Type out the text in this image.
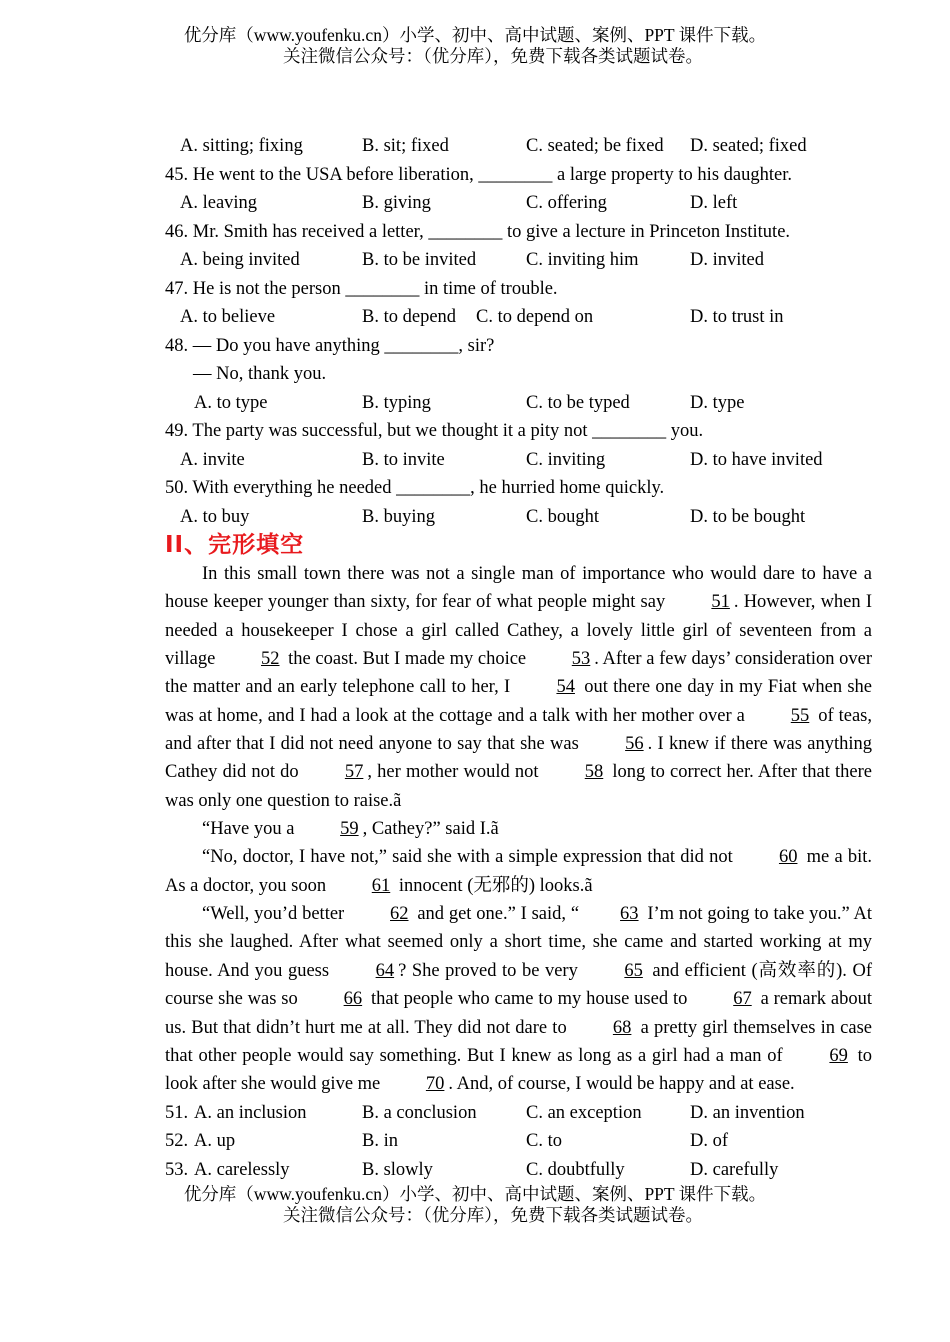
优分库（www.youfenku.cn）小学、初中、高中试题、案例、PPT 课件下载。

关注微信公众号：（优分库），免费下载各类试题试卷。
A. sitting; fixing	B. sit; fixed	C. seated; be fixed D. seated; fixed
45. He went to the USA before liberation, ________ a large property to his daughter.
A. leaving	B. giving	C. offering	D. left
46. Mr. Smith has received a letter, ________ to give a lecture in Princeton Institute.
A. being invited	B. to be invited	C. inviting him	D. invited
47. He is not the person ________ in time of trouble.
A. to believe	B. to depend C. to depend on	D. to trust in
48. — Do you have anything ________, sir?
— No, thank you.
A. to type	B. typing	C. to be typed	D. type
49. The party was successful, but we thought it a pity not ________ you.
A. invite	B. to invite	C. inviting	D. to have invited
50. With everything he needed ________, he hurried home quickly.
A. to buy	B. buying	C. bought	D. to be bought
II、完形填空

In this small town there was not a single man of importance who would dare to have a house keeper younger than sixty, for fear of what people might say 51 . However, when I needed a housekeeper I chose a girl called Cathey, a lovely little girl of seventeen from a village 52 the coast. But I made my choice 53 . After a few days’ consideration over the matter and an early telephone call to her, I 54 out there one day in my Fiat when she was at home, and I had a look at the cottage and a talk with her mother over a 55 of teas, and after that I did not need anyone to say that she was 56 . I knew if there was anything Cathey did not do 57 , her mother would not 58 long to correct her. After that there was only one question to raise.ã

“Have you a 59 , Cathey?” said I.ã

“No, doctor, I have not,” said she with a simple expression that did not 60 me a bit. As a doctor, you soon 61 innocent (无邪的) looks.ã

“Well, you’d better 62 and get one.” I said, “ 63 I’m not going to take you.” At this she laughed. After what seemed only a short time, she came and started working at my house. And you guess 64 ? She proved to be very 65 and efficient (高效率的). Of course she was so 66 that people who came to my house used to 67 a remark about us. But that didn’t hurt me at all. They did not dare to 68 a pretty girl themselves in case that other people would say something. But I knew as long as a girl had a man of 69 to look after she would give me 70 . And, of course, I would be happy and at ease.

51. A. an inclusion	B. a conclusion	C. an exception	D. an invention
52. A. up	B. in	C. to	D. of
53. A. carelessly	B. slowly	C. doubtfully	D. carefully
优分库（www.youfenku.cn）小学、初中、高中试题、案例、PPT 课件下载。

关注微信公众号：（优分库），免费下载各类试题试卷。
